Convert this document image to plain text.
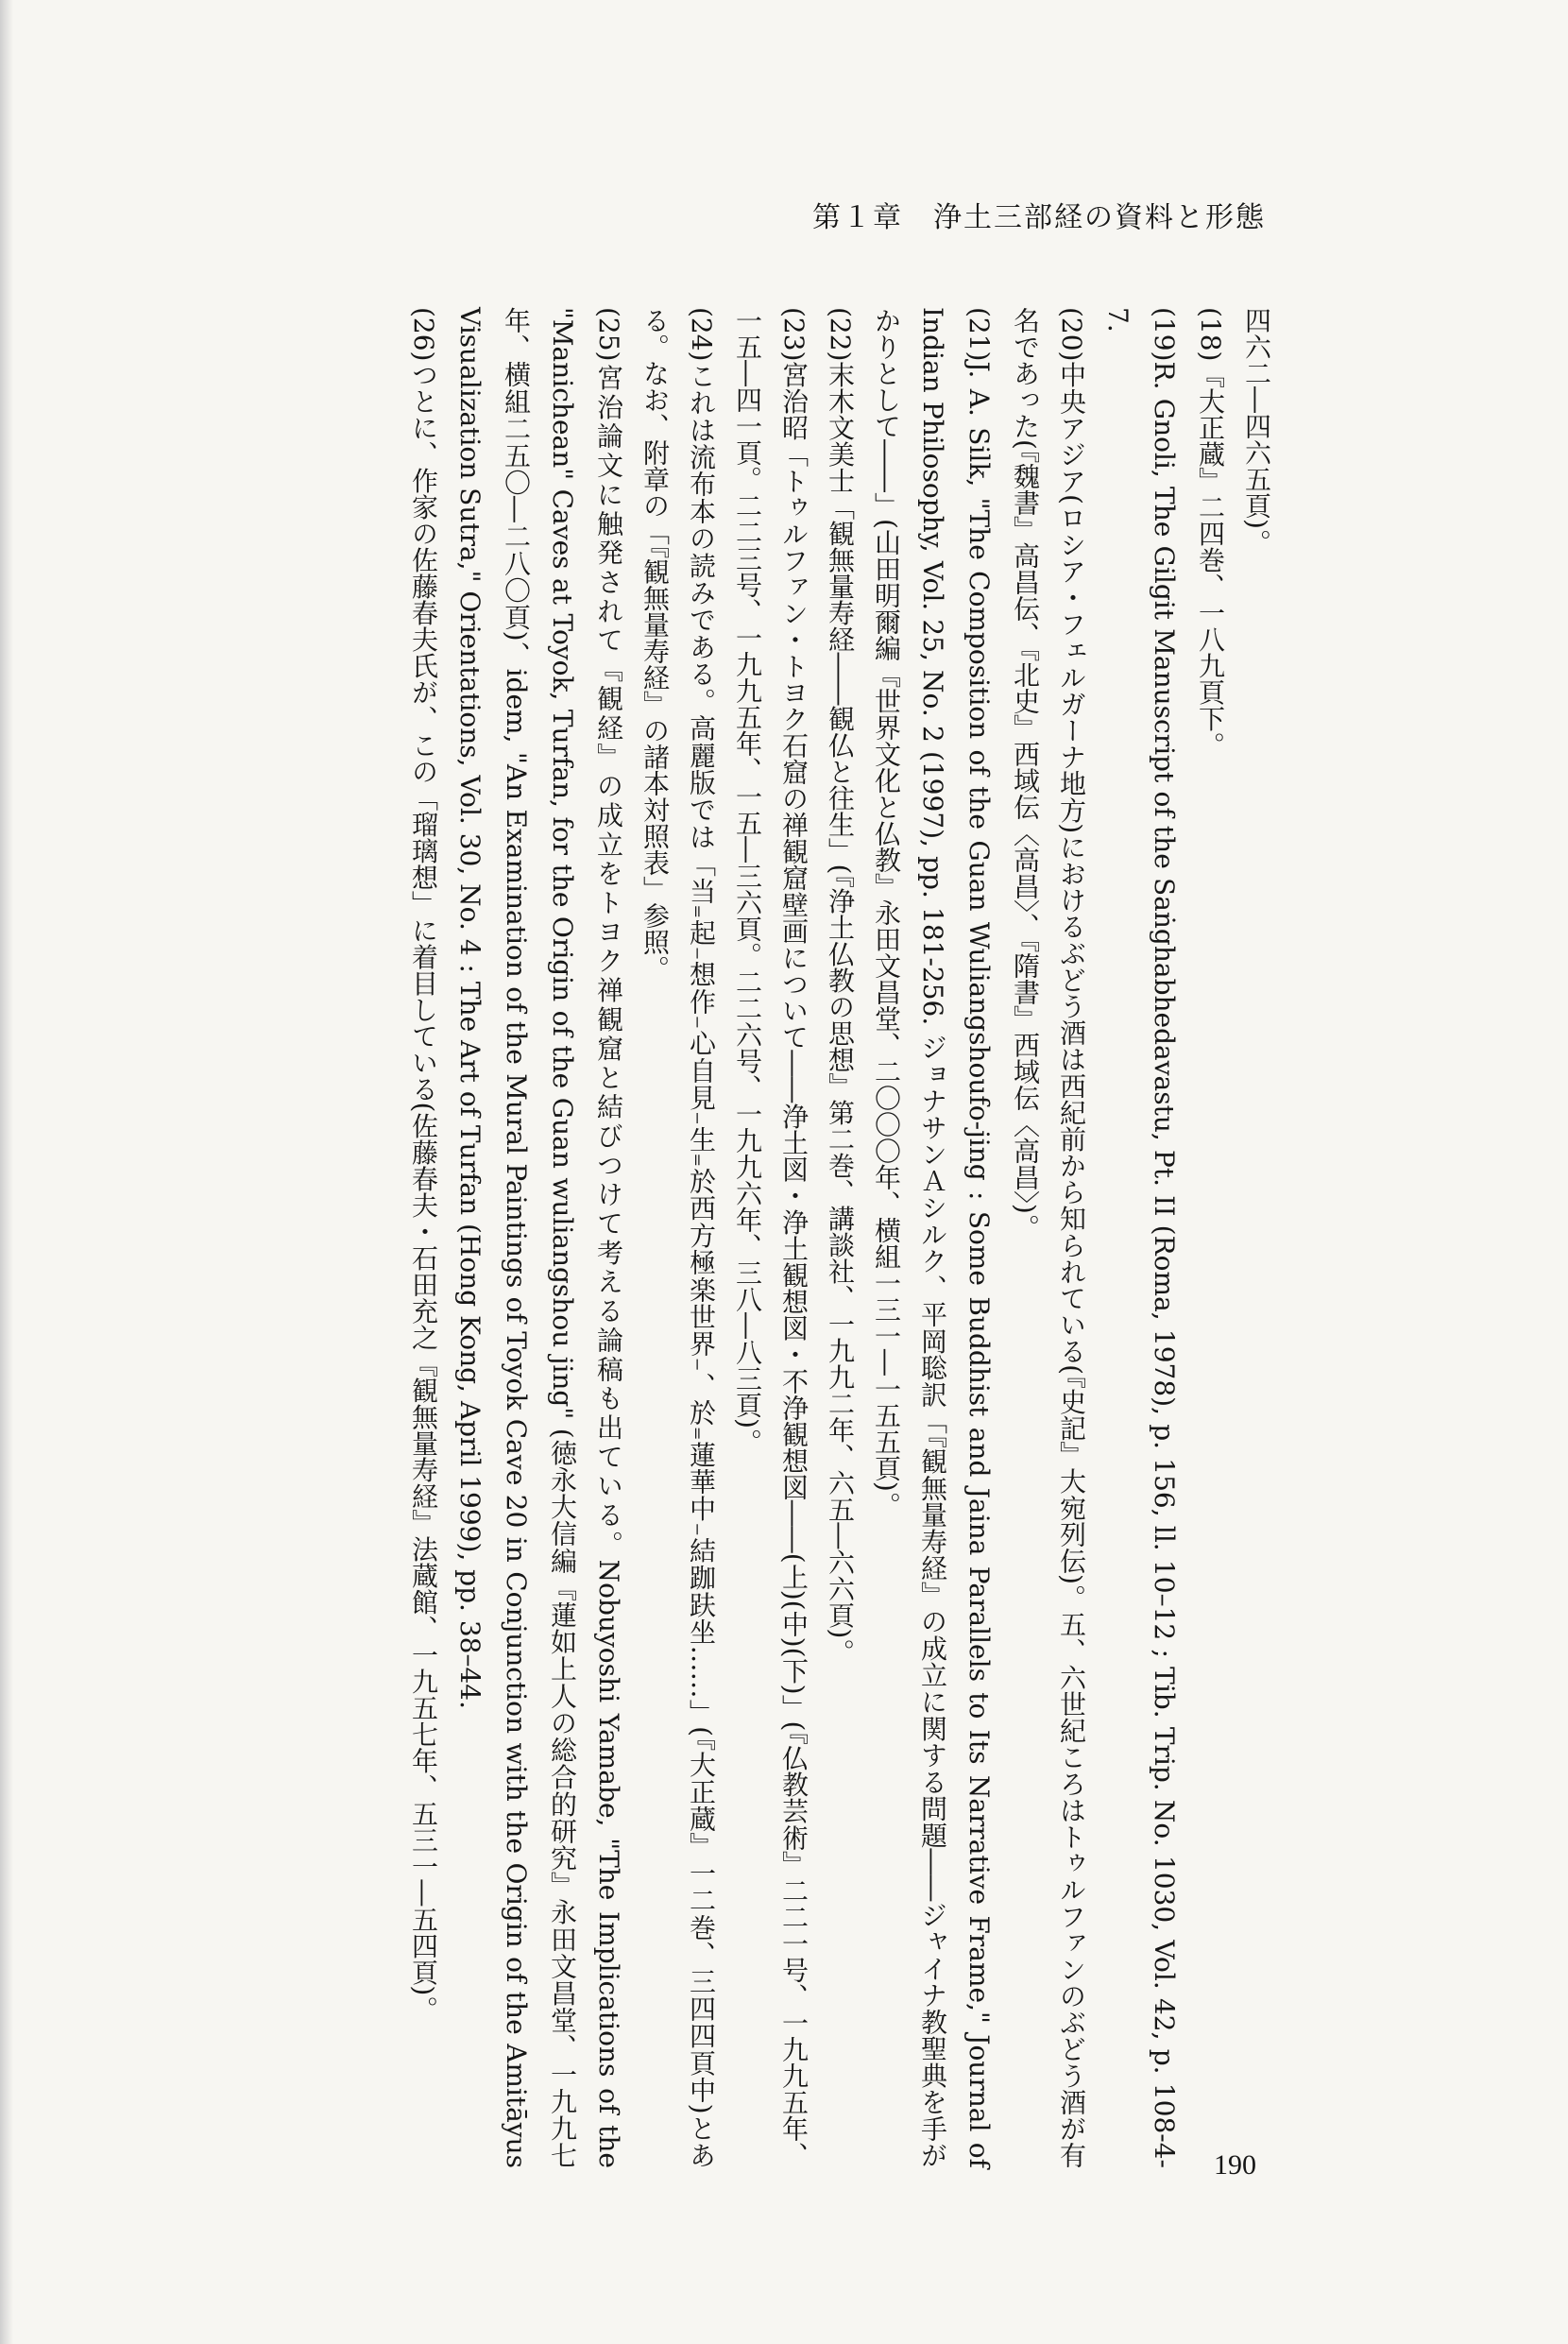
第１章　浄土三部経の資料と形態

四六二―四六五頁)。

(18)『大正蔵』二四巻、一八九頁下。

(19)R. Gnoli, The Gilgit Manuscript of the Saṅghabhedavastu, Pt. II (Roma, 1978), p. 156, ll. 10–12 ; Tib. Trip. No. 1030, Vol. 42, p. 108-4-7.

(20)中央アジア(ロシア・フェルガーナ地方)におけるぶどう酒は西紀前から知られている(『史記』大宛列伝)。五、六世紀ころはトゥルファンのぶどう酒が有名であった(『魏書』高昌伝、『北史』西域伝〈高昌〉、『隋書』西域伝〈高昌〉)。

(21)J. A. Silk, "The Composition of the Guan Wuliangshoufo-jing : Some Buddhist and Jaina Parallels to Its Narrative Frame," Journal of Indian Philosophy, Vol. 25, No. 2 (1997), pp. 181-256. ジョナサンＡシルク、平岡聡訳「『観無量寿経』の成立に関する問題――ジャイナ教聖典を手がかりとして――」(山田明爾編『世界文化と仏教』永田文昌堂、二〇〇〇年、横組一三一―一五五頁)。

(22)末木文美士「観無量寿経――観仏と往生」(『浄土仏教の思想』第二巻、講談社、一九九二年、六五―六六頁)。

(23)宮治昭「トゥルファン・トヨク石窟の禅観窟壁画について――浄土図・浄土観想図・不浄観想図――(上)(中)(下)」(『仏教芸術』二二一号、一九九五年、一五―四一頁。二二三号、一九九五年、一五―三六頁。二二六号、一九九六年、三八―八三頁)。

(24)これは流布本の読みである。高麗版では「当₌起₋想作₋心自見₋生₌於西方極楽世界₋、於₌蓮華中₋結跏趺坐……」(『大正蔵』一二巻、三四四頁中)とある。なお、附章の「『観無量寿経』の諸本対照表」参照。

(25)宮治論文に触発されて『観経』の成立をトヨク禅観窟と結びつけて考える論稿も出ている。Nobuyoshi Yamabe, "The Implications of the "Manichean" Caves at Toyok, Turfan, for the Origin of the Guan wuliangshou jing" (徳永大信編『蓮如上人の総合的研究』永田文昌堂、一九九七年、横組二五〇―二八〇頁)、idem, "An Examination of the Mural Paintings of Toyok Cave 20 in Conjunction with the Origin of the Amitāyus Visualization Sutra," Orientations, Vol. 30, No. 4 : The Art of Turfan (Hong Kong, April 1999), pp. 38–44.

(26)つとに、作家の佐藤春夫氏が、この「瑠璃想」に着目している(佐藤春夫・石田充之『観無量寿経』法蔵館、一九五七年、五三一―五四頁)。

190
